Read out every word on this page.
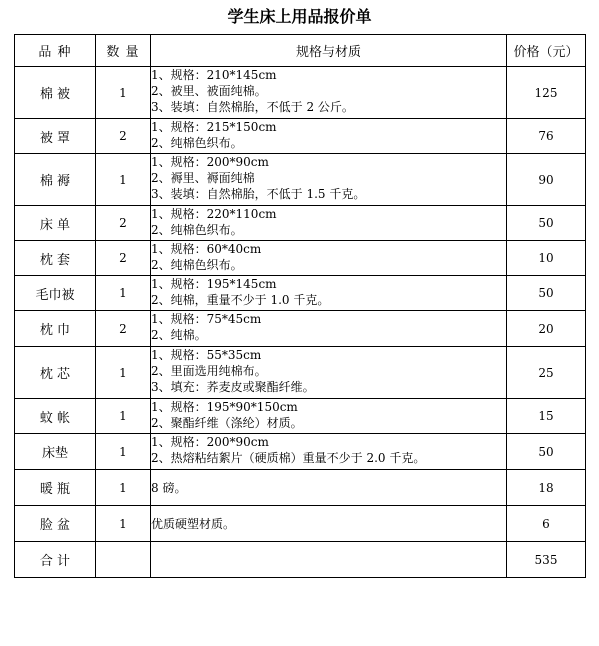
学生床上用品报价单
品 种	数 量	规格与材质	价格（元）
棉 被	1	1、规格：210*145cm
2、被里、被面纯棉。
3、装填：自然棉胎，不低于 2 公斤。	125
被 罩	2	1、规格：215*150cm
2、纯棉色织布。	76
棉 褥	1	1、规格：200*90cm
2、褥里、褥面纯棉
3、装填：自然棉胎，不低于 1.5 千克。	90
床 单	2	1、规格：220*110cm
2、纯棉色织布。	50
枕 套	2	1、规格：60*40cm
2、纯棉色织布。	10
毛巾被	1	1、规格：195*145cm
2、纯棉，重量不少于 1.0 千克。	50
枕 巾	2	1、规格：75*45cm
2、纯棉。	20
枕 芯	1	1、规格：55*35cm
2、里面选用纯棉布。
3、填充：荞麦皮或聚酯纤维。	25
蚊 帐	1	1、规格：195*90*150cm
2、聚酯纤维（涤纶）材质。	15
床垫	1	1、规格：200*90cm
2、热熔粘结絮片（硬质棉）重量不少于 2.0 千克。	50
暖 瓶	1	8 磅。	18
脸 盆	1	优质硬塑材质。	6
合 计			535
